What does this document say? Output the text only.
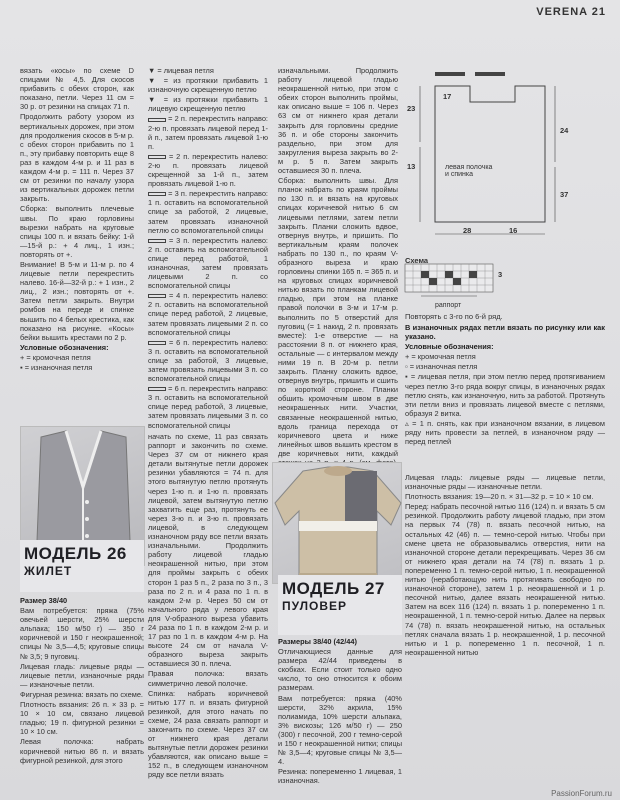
VERENA 21

вязать «косы» по схеме D спицами № 4,5. Для скосов прибавить с обеих сторон, как показано, петли. Через 11 см = 30 р. от резинки на спицах 71 п.

Продолжить работу узором из вертикальных дорожек, при этом для продолжения скосов в 5-м р. с обеих сторон прибавить по 1 п., эту прибавку повторить еще 8 раз в каждом 4-м р. и 11 раз в каждом 4-м р. = 111 п. Через 37 см от резинки по началу узора из вертикальных дорожек петли закрыть.

Сборка: выполнить плечевые швы. По краю горловины вырезки набрать на круговые спицы 100 п. и вязать бейку: 1-й—15-й р.: + 4 лиц., 1 изн.; повторять от +.

Внимание! В 5-м и 11-м р. по 4 лицевые петли перекрестить налево. 16-й—32-й р.: + 1 изн., 2 лиц., 2 изн.; повторять от +. Затем петли закрыть. Внутри ромбов на переде и спинке вышить по 4 белых крестика, как показано на рисунке. «Косы» бейки вышить крестами по 2 р.

Условные обозначения:

+ = кромочная петля

▪ = изнаночная петля

▼ = лицевая петля

▼ = из протяжки прибавить 1 изнаночную скрещенную петлю

▼ = из протяжки прибавить 1 лицевую скрещенную петлю

= 2 п. перекрестить направо: 2-ю п. провязать лицевой перед 1-й п., затем провязать лицевой 1-ю п.

= 2 п. перекрестить налево: 2-ю п. провязать лицевой скрещенной за 1-й п., затем провязать лицевой 1-ю п.

= 3 п. перекрестить направо: 1 п. оставить на вспомогательной спице за работой, 2 лицевые, затем провязать изнаночной петлю со вспомогательной спицы

= 3 п. перекрестить налево: 2 п. оставить на вспомогательной спице перед работой, 1 изнаночная, затем провязать лицевыми 2 п. со вспомогательной спицы

= 4 п. перекрестить налево: 2 п. оставить на вспомогательной спице перед работой, 2 лицевые, затем провязать лицевыми 2 п. со вспомогательной спицы

= 6 п. перекрестить налево: 3 п. оставить на вспомогательной спице за работой, 3 лицевые, затем провязать лицевыми 3 п. со вспомогательной спицы

= 6 п. перекрестить направо: 3 п. оставить на вспомогательной спице перед работой, 3 лицевые, затем провязать лицевыми 3 п. со вспомогательной спицы

изначальными. Продолжить работу лицевой гладью неокрашенной нитью, при этом с обеих сторон выполнить проймы, как описано выше = 106 п. Через 63 см от нижнего края детали закрыть для горловины средние 36 п. и обе стороны закончить раздельно, при этом для закругления выреза закрыть во 2-м р. 5 п. Затем закрыть оставшиеся 30 п. плеча.

Сборка: выполнить швы. Для планок набрать по краям проймы по 130 п. и вязать на круговых спицах коричневой нитью 6 см лицевыми петлями, затем петли закрыть. Планки сложить вдвое, отвернув внутрь, и пришить. По вертикальным краям полочек набрать по 130 п., по краям V-образного выреза и краю горловины спинки 165 п. = 365 п. и на круговых спицах коричневой нитью вязать по планкам лицевой гладью, при этом на планке правой полочки в 3-м и 17-м р. выполнить по 5 отверстий для пуговиц (= 1 накид, 2 п. провязать вместе): 1-е отверстие — на расстоянии 8 п. от нижнего края, остальные — с интервалом между ними 19 п. В 20-м р. петли закрыть. Планку сложить вдвое, отвернув внутрь, пришить и сшить по короткой стороне. Планки обшить кромочным швом в две неокрашенных нити. Участки, связанные неокрашенной нитью, вдоль граница перехода от коричневого цвета и ниже линейных швов вышить крестом в две коричневых нити, каждый

начать по схеме, 11 раз связать раппорт и закончить по схеме. Через 37 см от нижнего края детали вытянутые петли дорожек резинки убавляются = 74 п. для этого вытянутую петлю протянуть через 1-ю п. и 1-ю п. провязать лицевой, затем вытянутую петлю захватить еще раз, протянуть ее через 3-ю п. и 3-ю п. провязать лицевой, в следующем изнаночном ряду все петли вязать изначальными. Продолжить работу лицевой гладью неокрашенной нитью, при этом для проймы закрыть с обеих сторон 1 раз 5 п., 2 раза по 3 п., 3 раза по 2 п. и 4 раза по 1 п. в каждом 2-м р. Через 50 см от начального ряда у левого края для V-образного выреза убавить 24 раза по 1 п. в каждом 2-м р. и 17 раз по 1 п. в каждом 4-м р. На высоте 24 см от начала V-образного выреза закрыть оставшиеся 30 п. плеча.

Правая полочка: вязать симметрично левой полочке.

Спинка: набрать коричневой нитью 177 п. и вязать фигурной резинкой, для этого начать по схеме, 24 раза связать раппорт и закончить по схеме. Через 37 см от нижнего края детали вытянутые петли дорожек резинки убавляются, как описано выше = 152 п., в следующем изнаночном ряду все петли вязать

МОДЕЛЬ 26
ЖИЛЕТ

Размер 38/40

Вам потребуется: пряжа (75% овечьей шерсти, 25% шерсти альпака; 150 м/50 г) — 350 г коричневой и 150 г неокрашенной; спицы № 3,5—4,5; круговые спицы № 3,5; 9 пуговиц.

Лицевая гладь: лицевые ряды — лицевые петли, изнаночные ряды — изнаночные петли.

Фигурная резинка: вязать по схеме.

Плотность вязания: 26 п. × 33 р. = 10 × 10 см, связано лицевой гладью; 19 п. фигурной резинки = 10 × 10 см.

Левая полочка: набрать коричневой нитью 86 п. и вязать фигурной резинкой, для этого

МОДЕЛЬ 27
ПУЛОВЕР

Размеры 38/40 (42/44)

Отличающиеся данные для размера 42/44 приведены в скобках. Если стоит только одно число, то оно относится к обоим размерам.

Вам потребуется: пряжа (40% шерсти, 32% акрила, 15% полиамида, 10% шерсти альпака, 3% вискозы; 126 м/50 г) — 250 (300) г песочной, 200 г темно-серой и 150 г неокрашенной нитки; спицы № 3,5—4; круговые спицы № 3,5—4.

Резинка: попеременно 1 лицевая, 1 изнаночная.

17
23
13
24
37
28	16
левая полочка и спинка
Схема
раппорт
3
Повторять с 3-го по 6-й ряд.

В изнаночных рядах петли вязать по рисунку или как указано.

Условные обозначения:

+ = кромочная петля

▫ = изнаночная петля

▪ = лицевая петля, при этом петлю перед протягиванием через петлю 3-го ряда вокруг спицы, в изнаночных рядах петлю снять, как изнаночную, нить за работой. Протянуть эти петли вниз и провязать лицевой вместе с петлями, образуя 2 витка.

▵ = 1 п. снять, как при изнаночном вязании, в лицевом ряду нить провести за петлей, в изнаночном ряду — перед петлей

Лицевая гладь: лицевые ряды — лицевые петли, изнаночные ряды — изнаночные петли.

Плотность вязания: 19—20 п. × 31—32 р. = 10 × 10 см.

Перед: набрать песочной нитью 116 (124) п. и вязать 5 см резинкой. Продолжить работу лицевой гладью, при этом на первых 74 (78) п. вязать песочной нитью, на остальных 42 (46) п. — темно-серой нитью. Чтобы при смене цвета не образовывались отверстия, нити на изнаночной стороне детали перекрещивать. Через 36 см от нижнего края детали на 74 (78) п. вязать 1 р. попеременно 1 п. темно-серой нитью, 1 п. неокрашенной нитью (неработающую нить протягивать свободно по изнаночной стороне), затем 1 р. неокрашенной и 1 р. песочной нитью, далее вязать неокрашенной нитью. Затем на всех 116 (124) п. вязать 1 р. попеременно 1 п. неокрашенной, 1 п. темно-серой нитью. Далее на первых 74 (78) п. вязать неокрашенной нитью, на остальных петлях сначала вязать 1 р. неокрашенной, 1 р. песочной нитью и 1 р. попеременно 1 п. песочной, 1 п. неокрашенной нитью

PassionForum.ru
